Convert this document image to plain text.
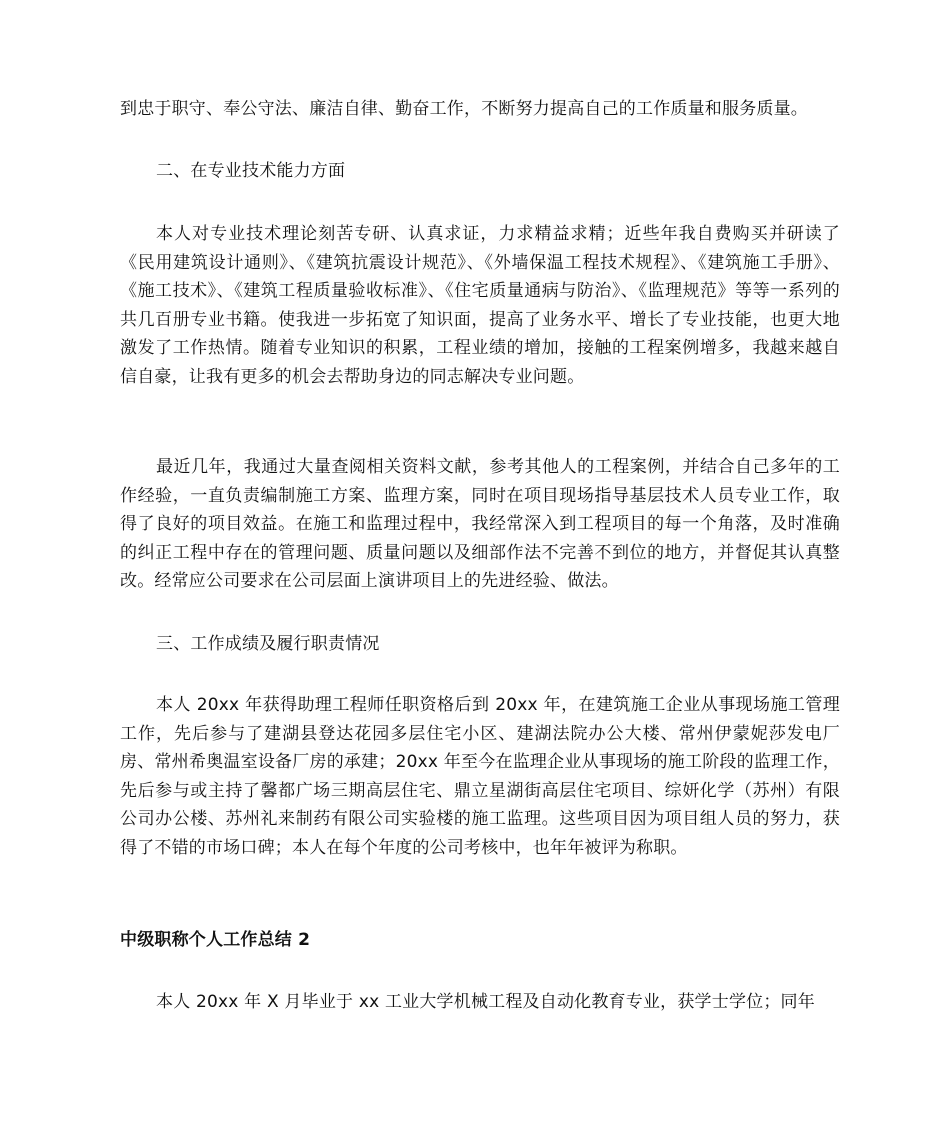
到忠于职守、奉公守法、廉洁自律、勤奋工作，不断努力提高自己的工作质量和服务质量。

二、在专业技术能力方面

本人对专业技术理论刻苦专研、认真求证，力求精益求精；近些年我自费购买并研读了《民用建筑设计通则》、《建筑抗震设计规范》、《外墙保温工程技术规程》、《建筑施工手册》、《施工技术》、《建筑工程质量验收标准》、《住宅质量通病与防治》、《监理规范》等等一系列的共几百册专业书籍。使我进一步拓宽了知识面，提高了业务水平、增长了专业技能，也更大地激发了工作热情。随着专业知识的积累，工程业绩的增加，接触的工程案例增多，我越来越自信自豪，让我有更多的机会去帮助身边的同志解决专业问题。

最近几年，我通过大量查阅相关资料文献，参考其他人的工程案例，并结合自己多年的工作经验，一直负责编制施工方案、监理方案，同时在项目现场指导基层技术人员专业工作，取得了良好的项目效益。在施工和监理过程中，我经常深入到工程项目的每一个角落，及时准确的纠正工程中存在的管理问题、质量问题以及细部作法不完善不到位的地方，并督促其认真整改。经常应公司要求在公司层面上演讲项目上的先进经验、做法。

三、工作成绩及履行职责情况

本人 20xx 年获得助理工程师任职资格后到 20xx 年，在建筑施工企业从事现场施工管理工作，先后参与了建湖县登达花园多层住宅小区、建湖法院办公大楼、常州伊蒙妮莎发电厂房、常州希奥温室设备厂房的承建；20xx 年至今在监理企业从事现场的施工阶段的监理工作，先后参与或主持了馨都广场三期高层住宅、鼎立星湖街高层住宅项目、综妍化学（苏州）有限公司办公楼、苏州礼来制药有限公司实验楼的施工监理。这些项目因为项目组人员的努力，获得了不错的市场口碑；本人在每个年度的公司考核中，也年年被评为称职。

中级职称个人工作总结 2

本人 20xx 年 X 月毕业于 xx 工业大学机械工程及自动化教育专业，获学士学位；同年
